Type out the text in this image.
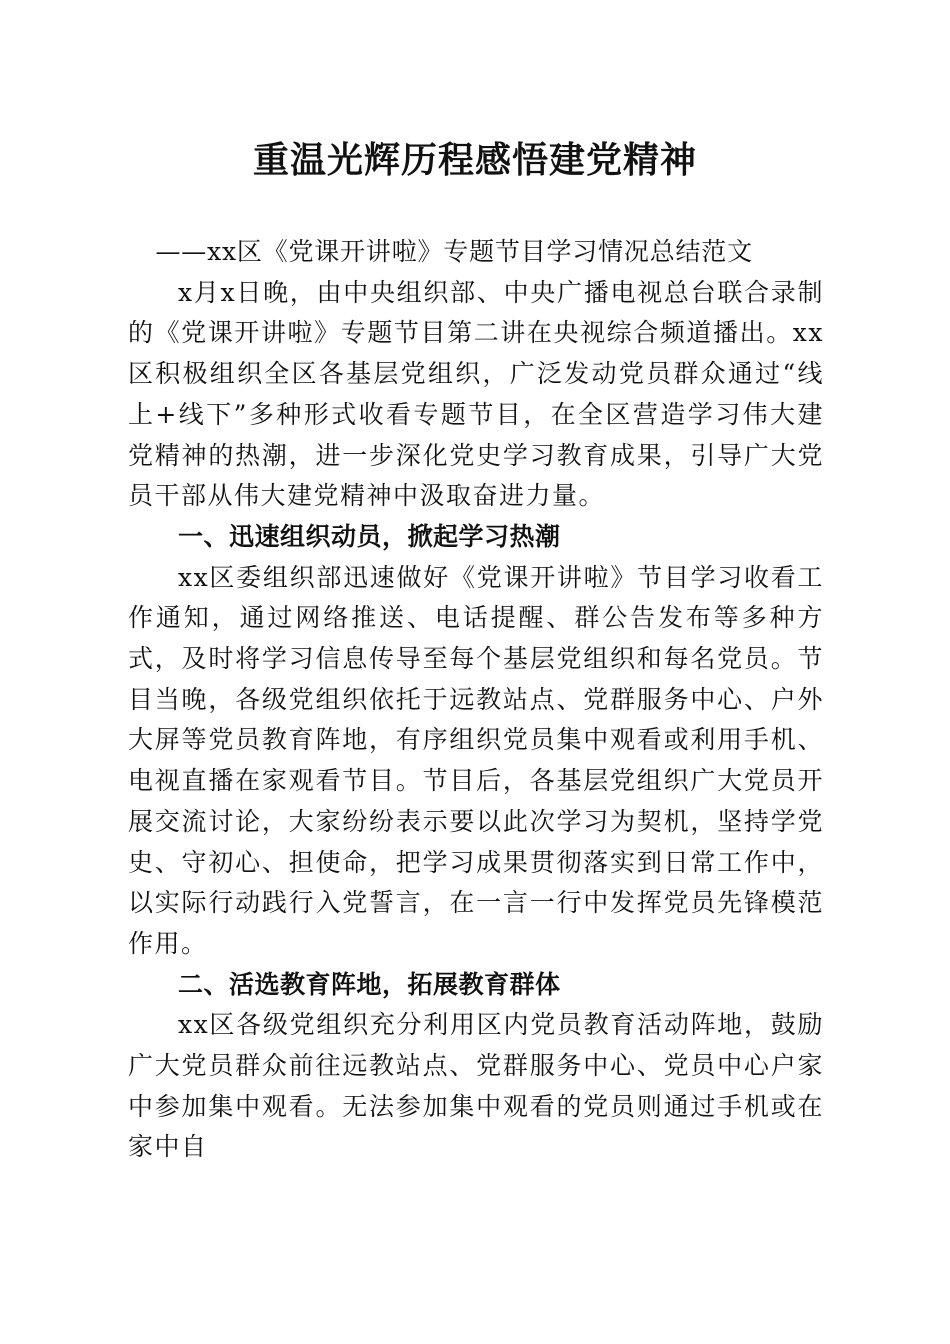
重温光辉历程感悟建党精神

——xx区《党课开讲啦》专题节目学习情况总结范文

x月x日晚，由中央组织部、中央广播电视总台联合录制的《党课开讲啦》专题节目第二讲在央视综合频道播出。xx区积极组织全区各基层党组织，广泛发动党员群众通过“线上+线下”多种形式收看专题节目，在全区营造学习伟大建党精神的热潮，进一步深化党史学习教育成果，引导广大党员干部从伟大建党精神中汲取奋进力量。

一、迅速组织动员，掀起学习热潮

xx区委组织部迅速做好《党课开讲啦》节目学习收看工作通知，通过网络推送、电话提醒、群公告发布等多种方式，及时将学习信息传导至每个基层党组织和每名党员。节目当晚，各级党组织依托于远教站点、党群服务中心、户外大屏等党员教育阵地，有序组织党员集中观看或利用手机、电视直播在家观看节目。节目后，各基层党组织广大党员开展交流讨论，大家纷纷表示要以此次学习为契机，坚持学党史、守初心、担使命，把学习成果贯彻落实到日常工作中，以实际行动践行入党誓言，在一言一行中发挥党员先锋模范作用。

二、活选教育阵地，拓展教育群体

xx区各级党组织充分利用区内党员教育活动阵地，鼓励广大党员群众前往远教站点、党群服务中心、党员中心户家中参加集中观看。无法参加集中观看的党员则通过手机或在家中自
